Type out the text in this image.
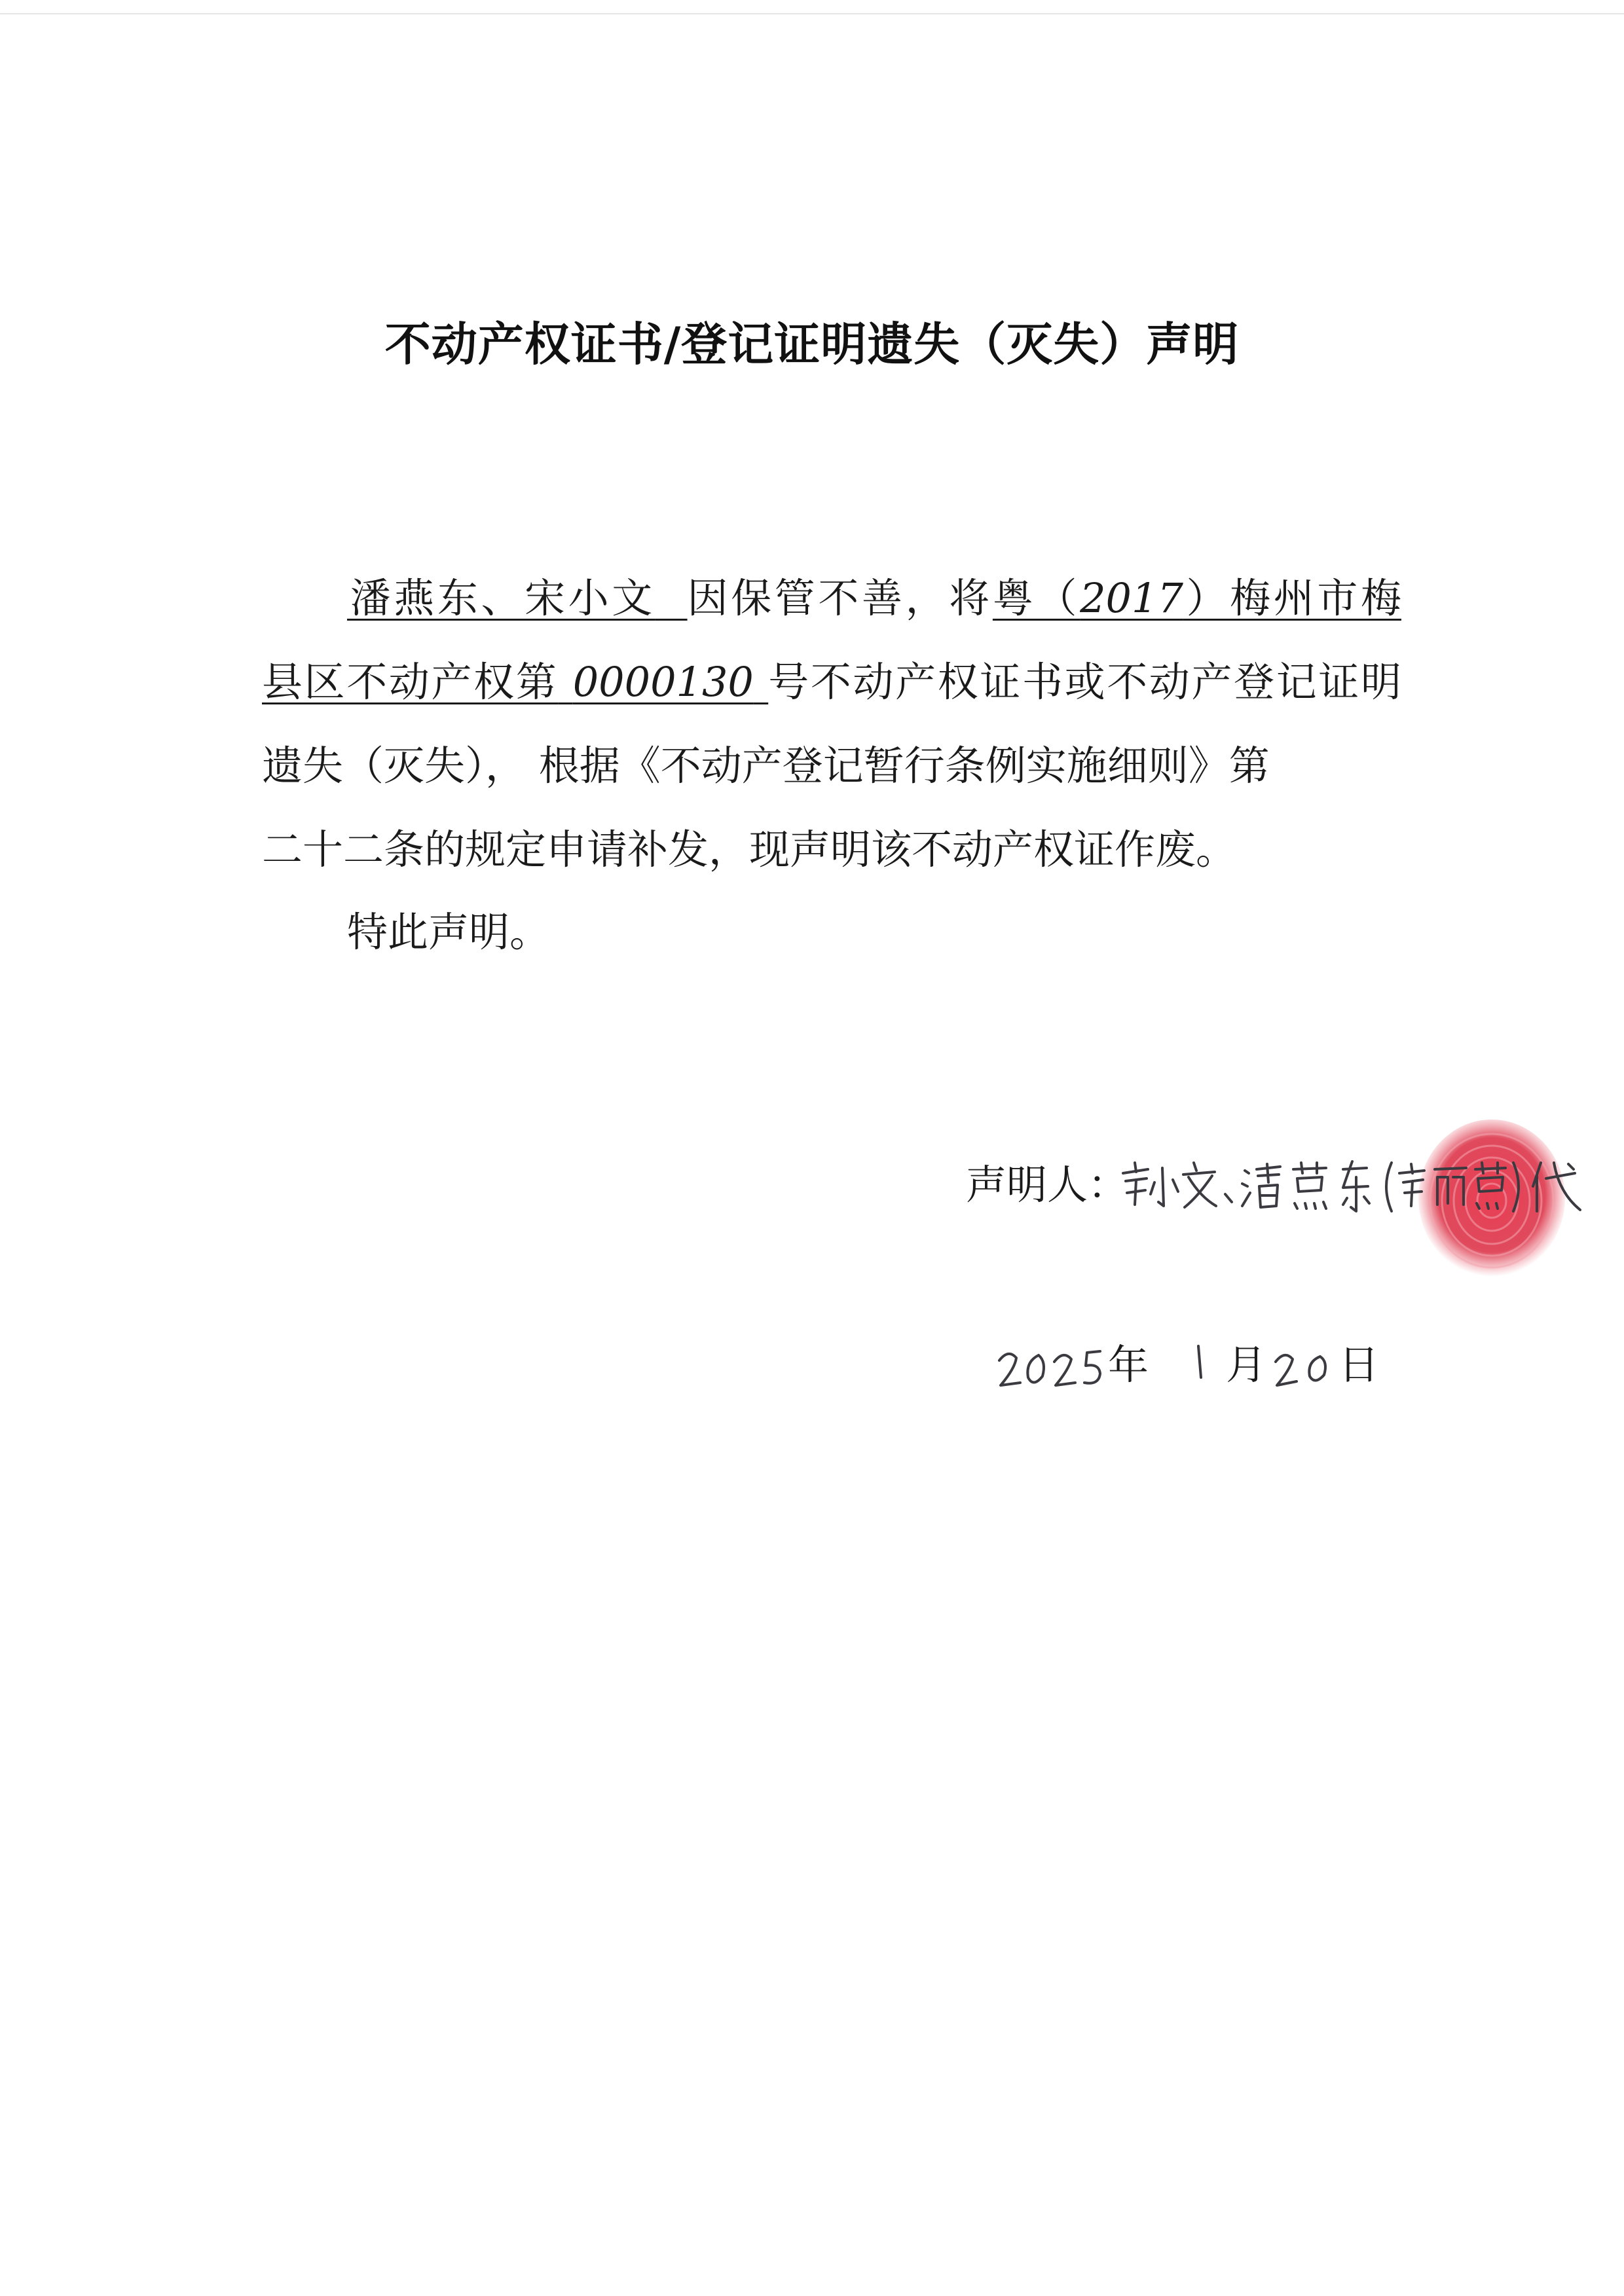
不动产权证书/登记证明遗失（灭失）声明
潘燕东、宋小文 因保管不善，将粤（2017）梅州市梅
县区不动产权第 0000130 号不动产权证书或不动产登记证明
遗失（灭失）， 根据《不动产登记暂行条例实施细则》第
二十二条的规定申请补发，现声明该不动产权证作废。
特此声明。
声明人：
年 月 日
